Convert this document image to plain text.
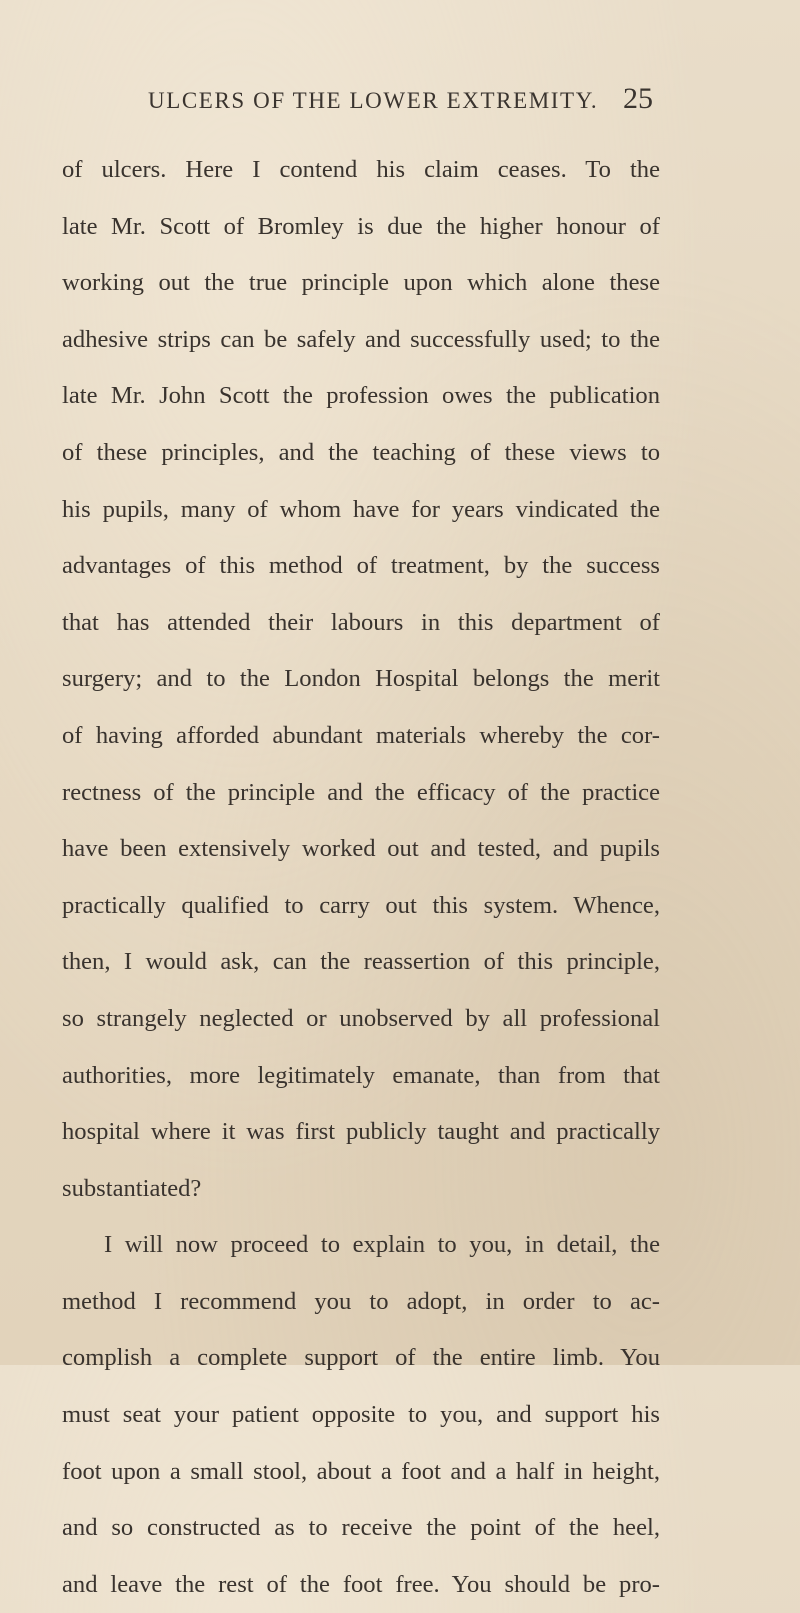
ULCERS OF THE LOWER EXTREMITY. 25
of ulcers. Here I contend his claim ceases. To the
late Mr. Scott of Bromley is due the higher honour of
working out the true principle upon which alone these
adhesive strips can be safely and successfully used; to the
late Mr. John Scott the profession owes the publication
of these principles, and the teaching of these views to
his pupils, many of whom have for years vindicated the
advantages of this method of treatment, by the success
that has attended their labours in this department of
surgery; and to the London Hospital belongs the merit
of having afforded abundant materials whereby the cor-
rectness of the principle and the efficacy of the practice
have been extensively worked out and tested, and pupils
practically qualified to carry out this system. Whence,
then, I would ask, can the reassertion of this principle,
so strangely neglected or unobserved by all professional
authorities, more legitimately emanate, than from that
hospital where it was first publicly taught and practically
substantiated?
I will now proceed to explain to you, in detail, the
method I recommend you to adopt, in order to ac-
complish a complete support of the entire limb. You
must seat your patient opposite to you, and support his
foot upon a small stool, about a foot and a half in height,
and so constructed as to receive the point of the heel,
and leave the rest of the foot free. You should be pro-
